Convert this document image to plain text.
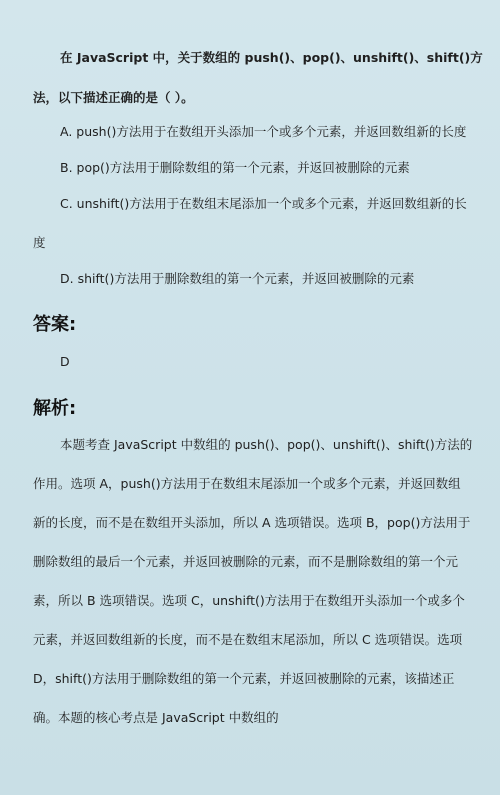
在 JavaScript 中，关于数组的 push()、pop()、unshift()、shift()方
法，以下描述正确的是（ ）。
A. push()方法用于在数组开头添加一个或多个元素，并返回数组新的长度
B. pop()方法用于删除数组的第一个元素，并返回被删除的元素
C. unshift()方法用于在数组末尾添加一个或多个元素，并返回数组新的长
度
D. shift()方法用于删除数组的第一个元素，并返回被删除的元素
答案:
D
解析:
本题考查 JavaScript 中数组的 push()、pop()、unshift()、shift()方法的
作用。选项 A，push()方法用于在数组末尾添加一个或多个元素，并返回数组
新的长度，而不是在数组开头添加，所以 A 选项错误。选项 B，pop()方法用于
删除数组的最后一个元素，并返回被删除的元素，而不是删除数组的第一个元
素，所以 B 选项错误。选项 C，unshift()方法用于在数组开头添加一个或多个
元素，并返回数组新的长度，而不是在数组末尾添加，所以 C 选项错误。选项
D，shift()方法用于删除数组的第一个元素，并返回被删除的元素，该描述正
确。本题的核心考点是 JavaScript 中数组的
